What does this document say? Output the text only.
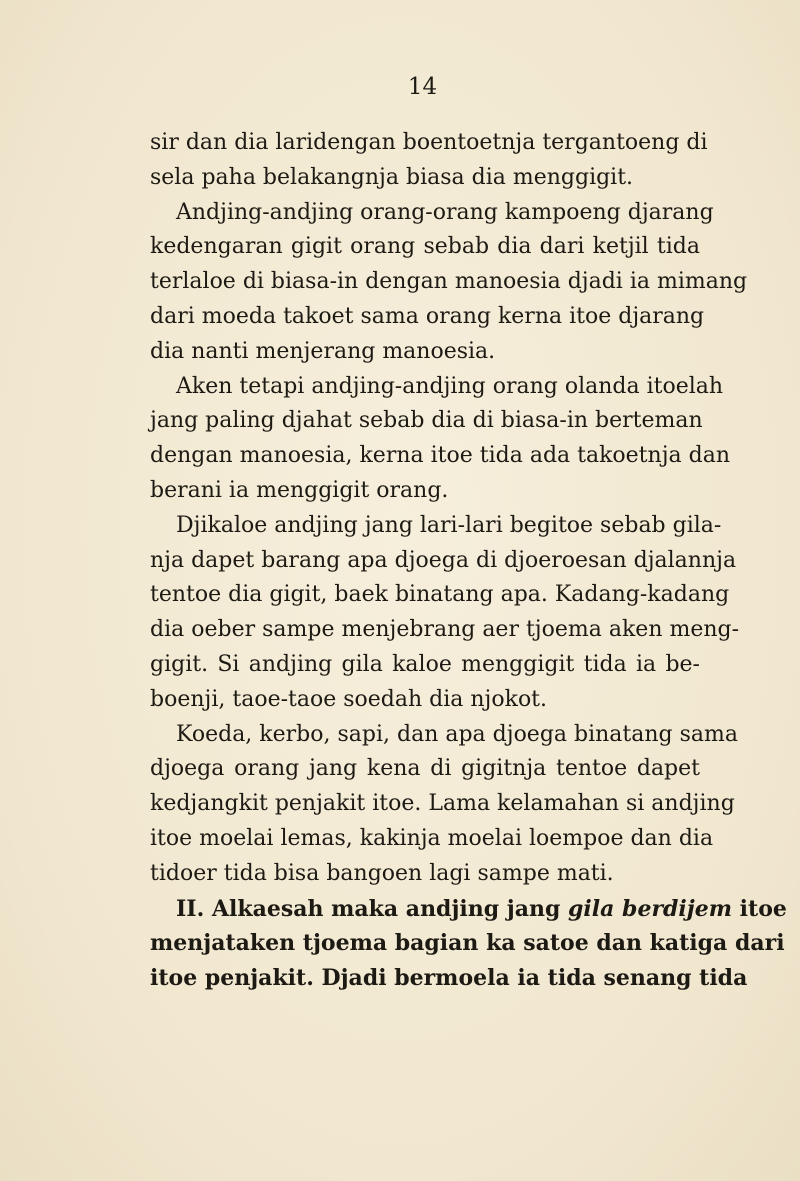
14
sir dan dia laridengan boentoetnja tergantoeng di
sela paha belakangnja biasa dia menggigit.
Andjing-andjing orang-orang kampoeng djarang
kedengaran gigit orang sebab dia dari ketjil tida
terlaloe di biasa-in dengan manoesia djadi ia mimang
dari moeda takoet sama orang kerna itoe djarang
dia nanti menjerang manoesia.
Aken tetapi andjing-andjing orang olanda itoelah
jang paling djahat sebab dia di biasa-in berteman
dengan manoesia, kerna itoe tida ada takoetnja dan
berani ia menggigit orang.
Djikaloe andjing jang lari-lari begitoe sebab gila-
nja dapet barang apa djoega di djoeroesan djalannja
tentoe dia gigit, baek binatang apa. Kadang-kadang
dia oeber sampe menjebrang aer tjoema aken meng-
gigit. Si andjing gila kaloe menggigit tida ia be-
boenji, taoe-taoe soedah dia njokot.
Koeda, kerbo, sapi, dan apa djoega binatang sama
djoega orang jang kena di gigitnja tentoe dapet
kedjangkit penjakit itoe. Lama kelamahan si andjing
itoe moelai lemas, kakinja moelai loempoe dan dia
tidoer tida bisa bangoen lagi sampe mati.
II. Alkaesah maka andjing jang gila berdijem itoe
menjataken tjoema bagian ka satoe dan katiga dari
itoe penjakit. Djadi bermoela ia tida senang tida
